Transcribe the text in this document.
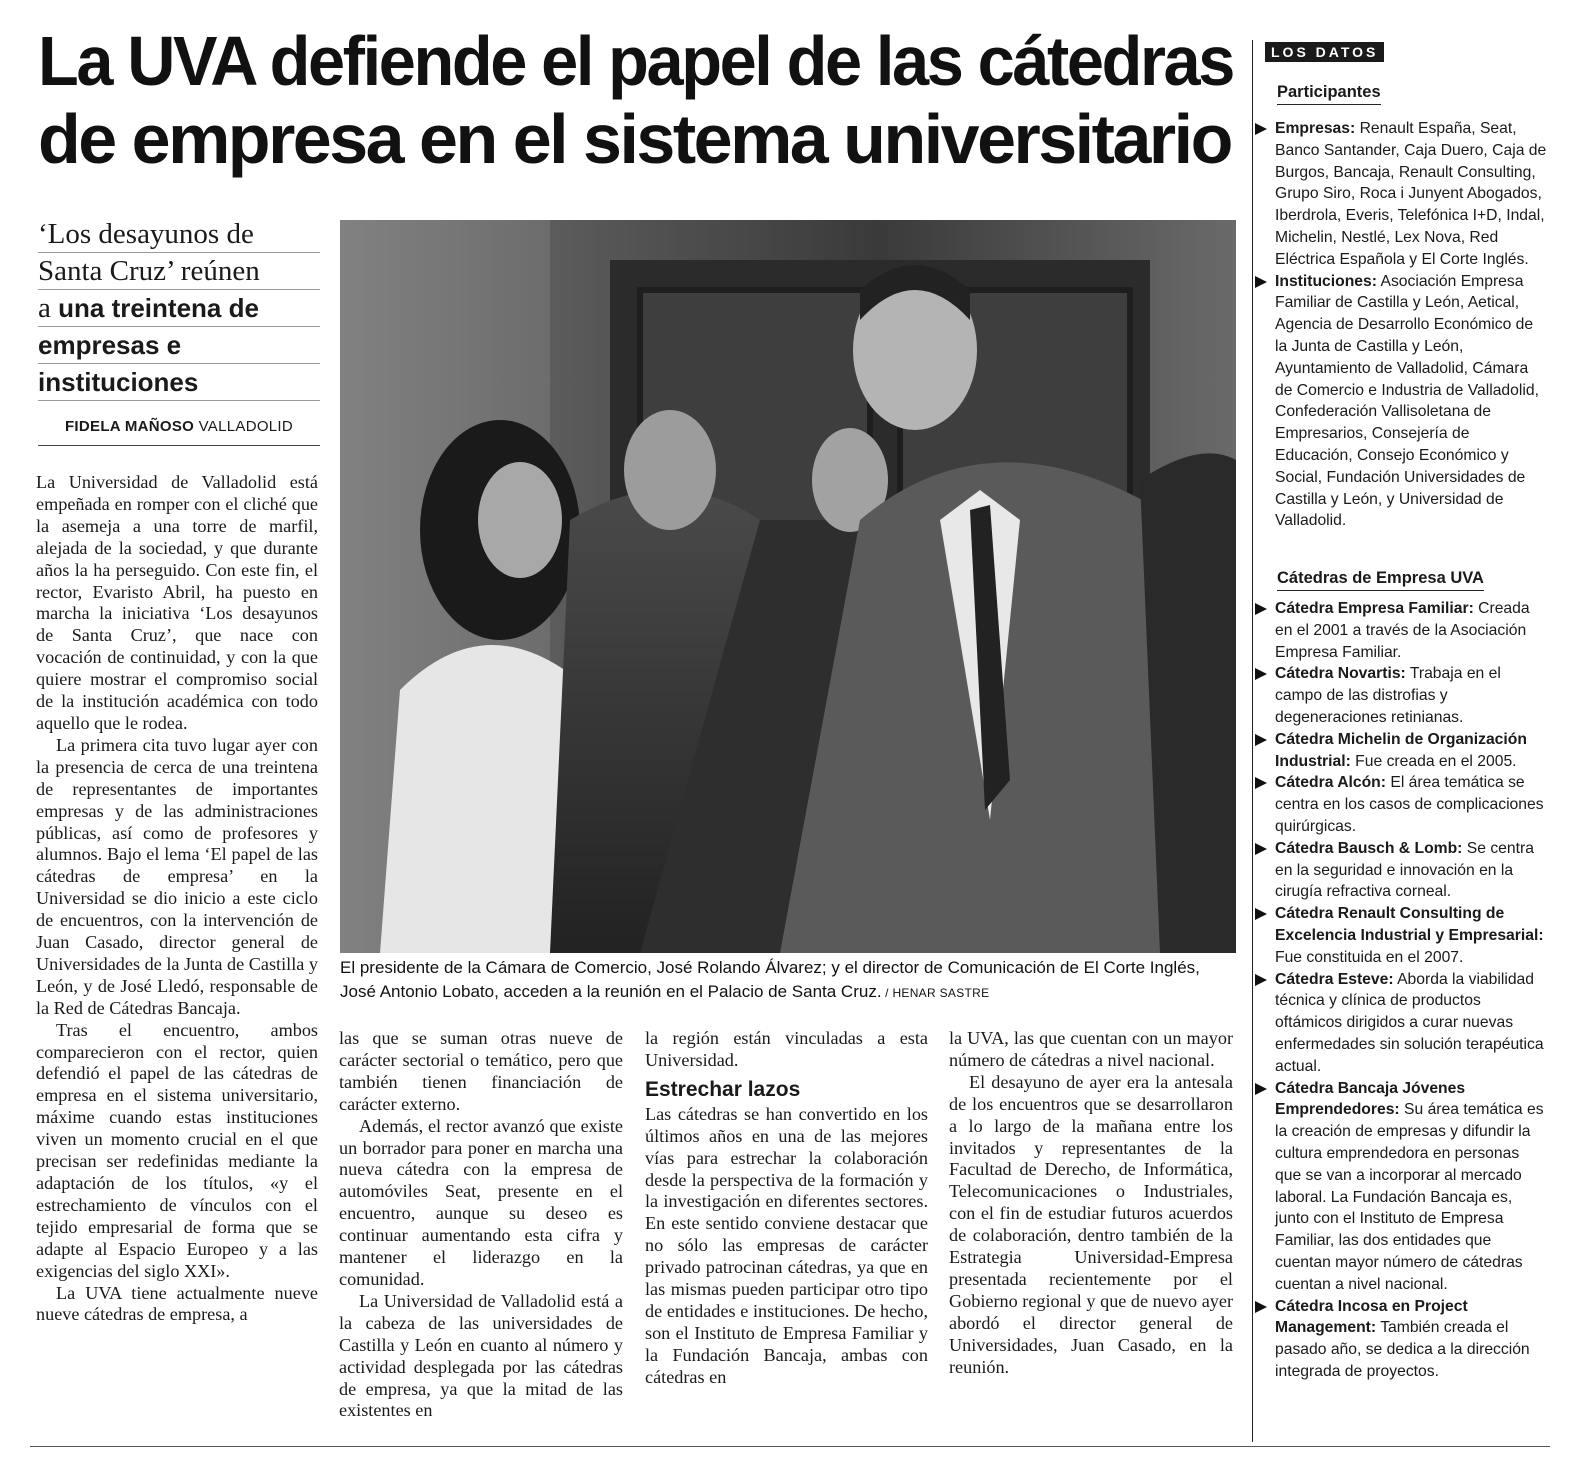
La UVA defiende el papel de las cátedras
de empresa en el sistema universitario
‘Los desayunos de
Santa Cruz’ reúnen
a una treintena de
empresas e
instituciones
FIDELA MAÑOSO VALLADOLID

La Universidad de Valladolid está empeñada en romper con el cliché que la asemeja a una torre de marfil, alejada de la sociedad, y que durante años la ha perseguido. Con este fin, el rector, Evaristo Abril, ha puesto en marcha la iniciativa ‘Los desayunos de Santa Cruz’, que nace con vocación de continuidad, y con la que quiere mostrar el compromiso social de la institución académica con todo aquello que le rodea.

La primera cita tuvo lugar ayer con la presencia de cerca de una treintena de representantes de importantes empresas y de las administraciones públicas, así como de profesores y alumnos. Bajo el lema ‘El papel de las cátedras de empresa’ en la Universidad se dio inicio a este ciclo de encuentros, con la intervención de Juan Casado, director general de Universidades de la Junta de Castilla y León, y de José Lledó, responsable de la Red de Cátedras Bancaja.

Tras el encuentro, ambos comparecieron con el rector, quien defendió el papel de las cátedras de empresa en el sistema universitario, máxime cuando estas instituciones viven un momento crucial en el que precisan ser redefinidas mediante la adaptación de los títulos, «y el estrechamiento de vínculos con el tejido empresarial de forma que se adapte al Espacio Europeo y a las exigencias del siglo XXI».

La UVA tiene actualmente nueve nueve cátedras de empresa, a

El presidente de la Cámara de Comercio, José Rolando Álvarez; y el director de Comunicación de El Corte Inglés, José Antonio Lobato, acceden a la reunión en el Palacio de Santa Cruz. / HENAR SASTRE

las que se suman otras nueve de carácter sectorial o temático, pero que también tienen financiación de carácter externo.

Además, el rector avanzó que existe un borrador para poner en marcha una nueva cátedra con la empresa de automóviles Seat, presente en el encuentro, aunque su deseo es continuar aumentando esta cifra y mantener el liderazgo en la comunidad.

La Universidad de Valladolid está a la cabeza de las universidades de Castilla y León en cuanto al número y actividad desplegada por las cátedras de empresa, ya que la mitad de las existentes en

la región están vinculadas a esta Universidad.

Estrechar lazos

Las cátedras se han convertido en los últimos años en una de las mejores vías para estrechar la colaboración desde la perspectiva de la formación y la investigación en diferentes sectores. En este sentido conviene destacar que no sólo las empresas de carácter privado patrocinan cátedras, ya que en las mismas pueden participar otro tipo de entidades e instituciones. De hecho, son el Instituto de Empresa Familiar y la Fundación Bancaja, ambas con cátedras en

la UVA, las que cuentan con un mayor número de cátedras a nivel nacional.

El desayuno de ayer era la antesala de los encuentros que se desarrollaron a lo largo de la mañana entre los invitados y representantes de la Facultad de Derecho, de Informática, Telecomunicaciones o Industriales, con el fin de estudiar futuros acuerdos de colaboración, dentro también de la Estrategia Universidad-Empresa presentada recientemente por el Gobierno regional y que de nuevo ayer abordó el director general de Universidades, Juan Casado, en la reunión.

LOS DATOS
Participantes
Empresas: Renault España, Seat, Banco Santander, Caja Duero, Caja de Burgos, Bancaja, Renault Consulting, Grupo Siro, Roca i Junyent Abogados, Iberdrola, Everis, Telefónica I+D, Indal, Michelin, Nestlé, Lex Nova, Red Eléctrica Española y El Corte Inglés.
Instituciones: Asociación Empresa Familiar de Castilla y León, Aetical, Agencia de Desarrollo Económico de la Junta de Castilla y León, Ayuntamiento de Valladolid, Cámara de Comercio e Industria de Valladolid, Confederación Vallisoletana de Empresarios, Consejería de Educación, Consejo Económico y Social, Fundación Universidades de Castilla y León, y Universidad de Valladolid.
Cátedras de Empresa UVA
Cátedra Empresa Familiar: Creada en el 2001 a través de la Asociación Empresa Familiar.
Cátedra Novartis: Trabaja en el campo de las distrofias y degeneraciones retinianas.
Cátedra Michelin de Organización Industrial: Fue creada en el 2005.
Cátedra Alcón: El área temática se centra en los casos de complicaciones quirúrgicas.
Cátedra Bausch & Lomb: Se centra en la seguridad e innovación en la cirugía refractiva corneal.
Cátedra Renault Consulting de Excelencia Industrial y Empresarial: Fue constituida en el 2007.
Cátedra Esteve: Aborda la viabilidad técnica y clínica de productos oftámicos dirigidos a curar nuevas enfermedades sin solución terapéutica actual.
Cátedra Bancaja Jóvenes Emprendedores: Su área temática es la creación de empresas y difundir la cultura emprendedora en personas que se van a incorporar al mercado laboral. La Fundación Bancaja es, junto con el Instituto de Empresa Familiar, las dos entidades que cuentan mayor número de cátedras cuentan a nivel nacional.
Cátedra Incosa en Project Management: También creada el pasado año, se dedica a la dirección integrada de proyectos.
